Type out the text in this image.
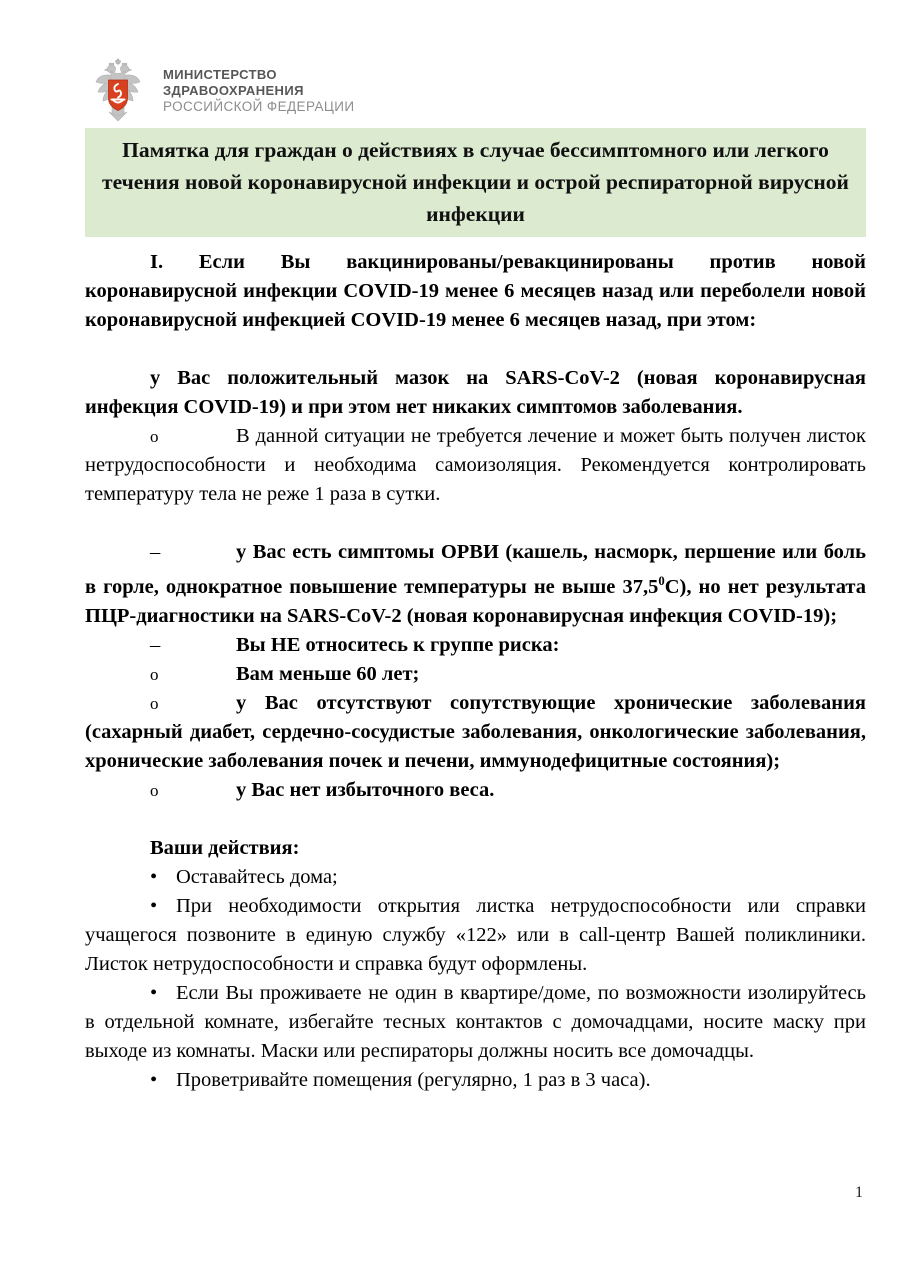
МИНИСТЕРСТВО
ЗДРАВООХРАНЕНИЯ
РОССИЙСКОЙ ФЕДЕРАЦИИ
Памятка для граждан о действиях в случае бессимптомного или легкого течения новой коронавирусной инфекции и острой респираторной вирусной инфекции

I. Если Вы вакцинированы/ревакцинированы против новой коронавирусной инфекции COVID-19 менее 6 месяцев назад или переболели новой коронавирусной инфекцией COVID-19 менее 6 месяцев назад, при этом:

у Вас положительный мазок на SARS-CoV-2 (новая коронавирусная инфекция COVID-19) и при этом нет никаких симптомов заболевания.

o	В данной ситуации не требуется лечение и может быть получен листок нетрудоспособности и необходима самоизоляция. Рекомендуется контролировать температуру тела не реже 1 раза в сутки.

–	у Вас есть симптомы ОРВИ (кашель, насморк, першение или боль в горле, однократное повышение температуры не выше 37,5$^0$С), но нет результата ПЦР-диагностики на SARS-CoV-2 (новая коронавирусная инфекция COVID-19);

–	Вы НЕ относитесь к группе риска:

o	Вам меньше 60 лет;

o	у Вас отсутствуют сопутствующие хронические заболевания (сахарный диабет, сердечно-сосудистые заболевания, онкологические заболевания, хронические заболевания почек и печени, иммунодефицитные состояния);

o	у Вас нет избыточного веса.

Ваши действия:

• Оставайтесь дома;

• При необходимости открытия листка нетрудоспособности или справки учащегося позвоните в единую службу «122» или в call-центр Вашей поликлиники. Листок нетрудоспособности и справка будут оформлены.

• Если Вы проживаете не один в квартире/доме, по возможности изолируйтесь в отдельной комнате, избегайте тесных контактов с домочадцами, носите маску при выходе из комнаты. Маски или респираторы должны носить все домочадцы.

• Проветривайте помещения (регулярно, 1 раз в 3 часа).

1
